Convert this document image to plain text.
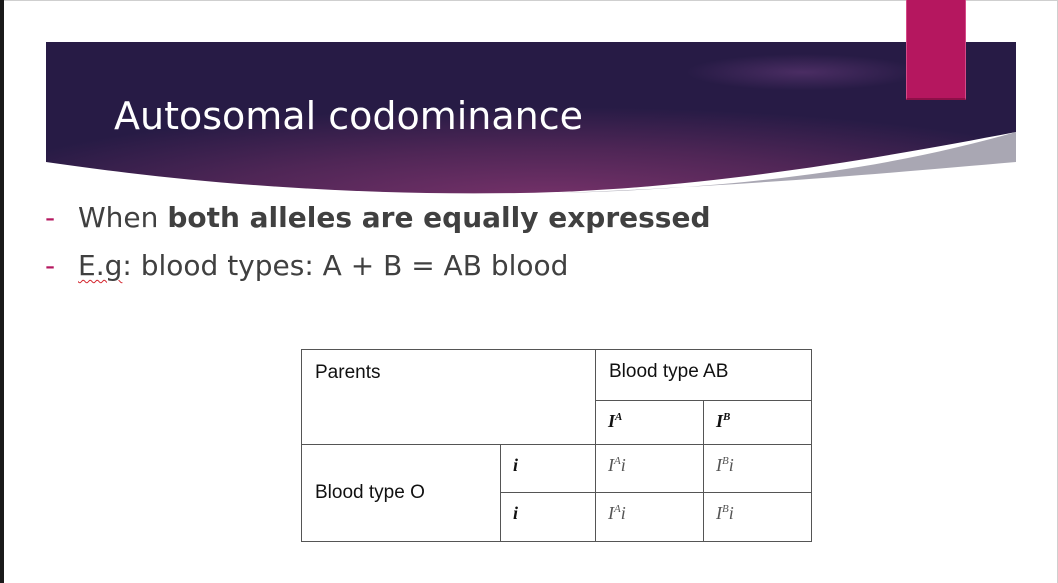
Autosomal codominance
- When both alleles are equally expressed
- E.g: blood types: A + B = AB blood
Parents		Blood type AB	

		$I^A$	$I^B$

Blood type O	i	$I^Ai$	$I^Bi$

	i	$I^Ai$	$I^Bi$
